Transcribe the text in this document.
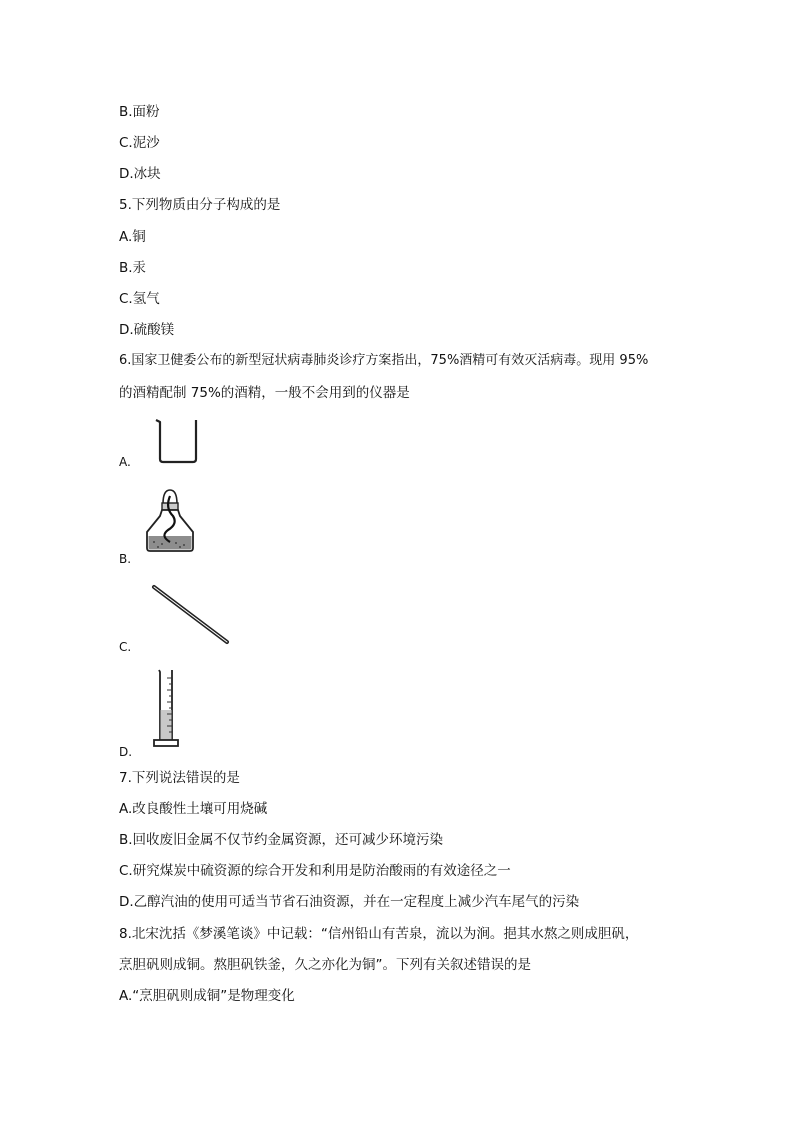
B.面粉
C.泥沙
D.冰块
5.下列物质由分子构成的是
A.铜
B.汞
C.氢气
D.硫酸镁
6.国家卫健委公布的新型冠状病毒肺炎诊疗方案指出，75%酒精可有效灭活病毒。现用 95%
的酒精配制 75%的酒精，一般不会用到的仪器是
A.
B.
C.
D.
7.下列说法错误的是
A.改良酸性土壤可用烧碱
B.回收废旧金属不仅节约金属资源，还可减少环境污染
C.研究煤炭中硫资源的综合开发和利用是防治酸雨的有效途径之一
D.乙醇汽油的使用可适当节省石油资源，并在一定程度上减少汽车尾气的污染
8.北宋沈括《梦溪笔谈》中记载：“信州铅山有苦泉，流以为涧。挹其水熬之则成胆矾，
烹胆矾则成铜。熬胆矾铁釜，久之亦化为铜”。下列有关叙述错误的是
A.“烹胆矾则成铜”是物理变化
